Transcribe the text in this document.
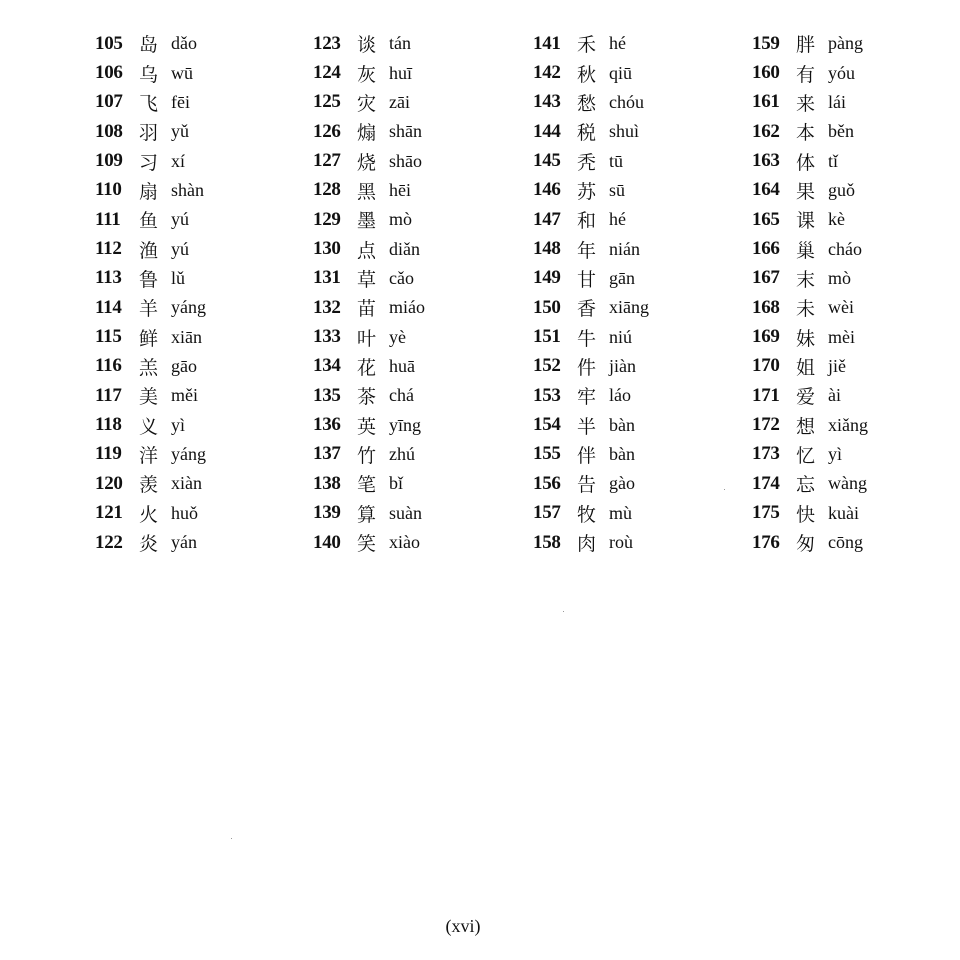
105 岛 dǎo
106 乌 wū
107 飞 fēi
108 羽 yǔ
109 习 xí
110 扇 shàn
111 鱼 yú
112 渔 yú
113 鲁 lǔ
114 羊 yáng
115 鲜 xiān
116 羔 gāo
117 美 měi
118 义 yì
119 洋 yáng
120 羡 xiàn
121 火 huǒ
122 炎 yán
123 谈 tán
124 灰 huī
125 灾 zāi
126 煽 shān
127 烧 shāo
128 黑 hēi
129 墨 mò
130 点 diǎn
131 草 cǎo
132 苗 miáo
133 叶 yè
134 花 huā
135 茶 chá
136 英 yīng
137 竹 zhú
138 笔 bǐ
139 算 suàn
140 笑 xiào
141 禾 hé
142 秋 qiū
143 愁 chóu
144 税 shuì
145 秃 tū
146 苏 sū
147 和 hé
148 年 nián
149 甘 gān
150 香 xiāng
151 牛 niú
152 件 jiàn
153 牢 láo
154 半 bàn
155 伴 bàn
156 告 gào
157 牧 mù
158 肉 roù
159 胖 pàng
160 有 yóu
161 来 lái
162 本 běn
163 体 tǐ
164 果 guǒ
165 课 kè
166 巢 cháo
167 末 mò
168 未 wèi
169 妹 mèi
170 姐 jiě
171 爱 ài
172 想 xiǎng
173 忆 yì
174 忘 wàng
175 快 kuài
176 匆 cōng
(xvi)
